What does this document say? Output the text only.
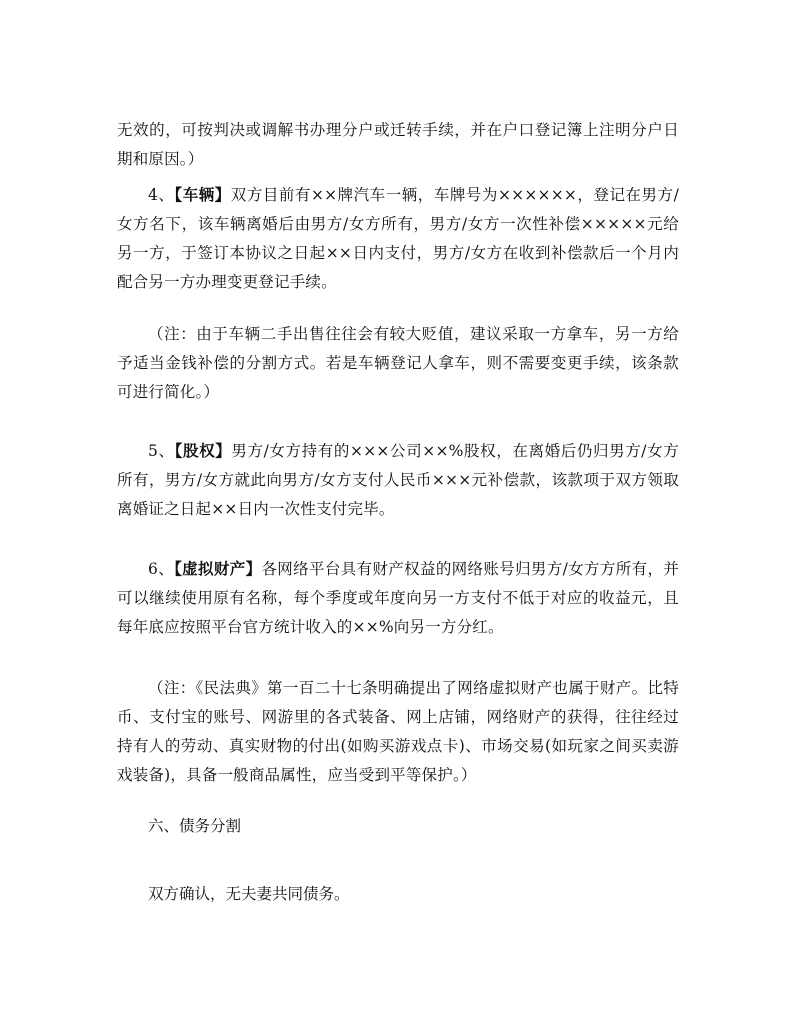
无效的，可按判决或调解书办理分户或迁转手续，并在户口登记簿上注明分户日期和原因。）

4、【车辆】双方目前有××牌汽车一辆，车牌号为××××××，登记在男方/女方名下，该车辆离婚后由男方/女方所有，男方/女方一次性补偿×××××元给另一方，于签订本协议之日起××日内支付，男方/女方在收到补偿款后一个月内配合另一方办理变更登记手续。

（注：由于车辆二手出售往往会有较大贬值，建议采取一方拿车，另一方给予适当金钱补偿的分割方式。若是车辆登记人拿车，则不需要变更手续，该条款可进行简化。）

5、【股权】男方/女方持有的×××公司××%股权，在离婚后仍归男方/女方所有，男方/女方就此向男方/女方支付人民币×××元补偿款，该款项于双方领取离婚证之日起××日内一次性支付完毕。

6、【虚拟财产】各网络平台具有财产权益的网络账号归男方/女方方所有，并可以继续使用原有名称，每个季度或年度向另一方支付不低于对应的收益元，且每年底应按照平台官方统计收入的××%向另一方分红。

（注：《民法典》第一百二十七条明确提出了网络虚拟财产也属于财产。比特币、支付宝的账号、网游里的各式装备、网上店铺，网络财产的获得，往往经过持有人的劳动、真实财物的付出(如购买游戏点卡)、市场交易(如玩家之间买卖游戏装备)，具备一般商品属性，应当受到平等保护。）

六、债务分割

双方确认，无夫妻共同债务。
